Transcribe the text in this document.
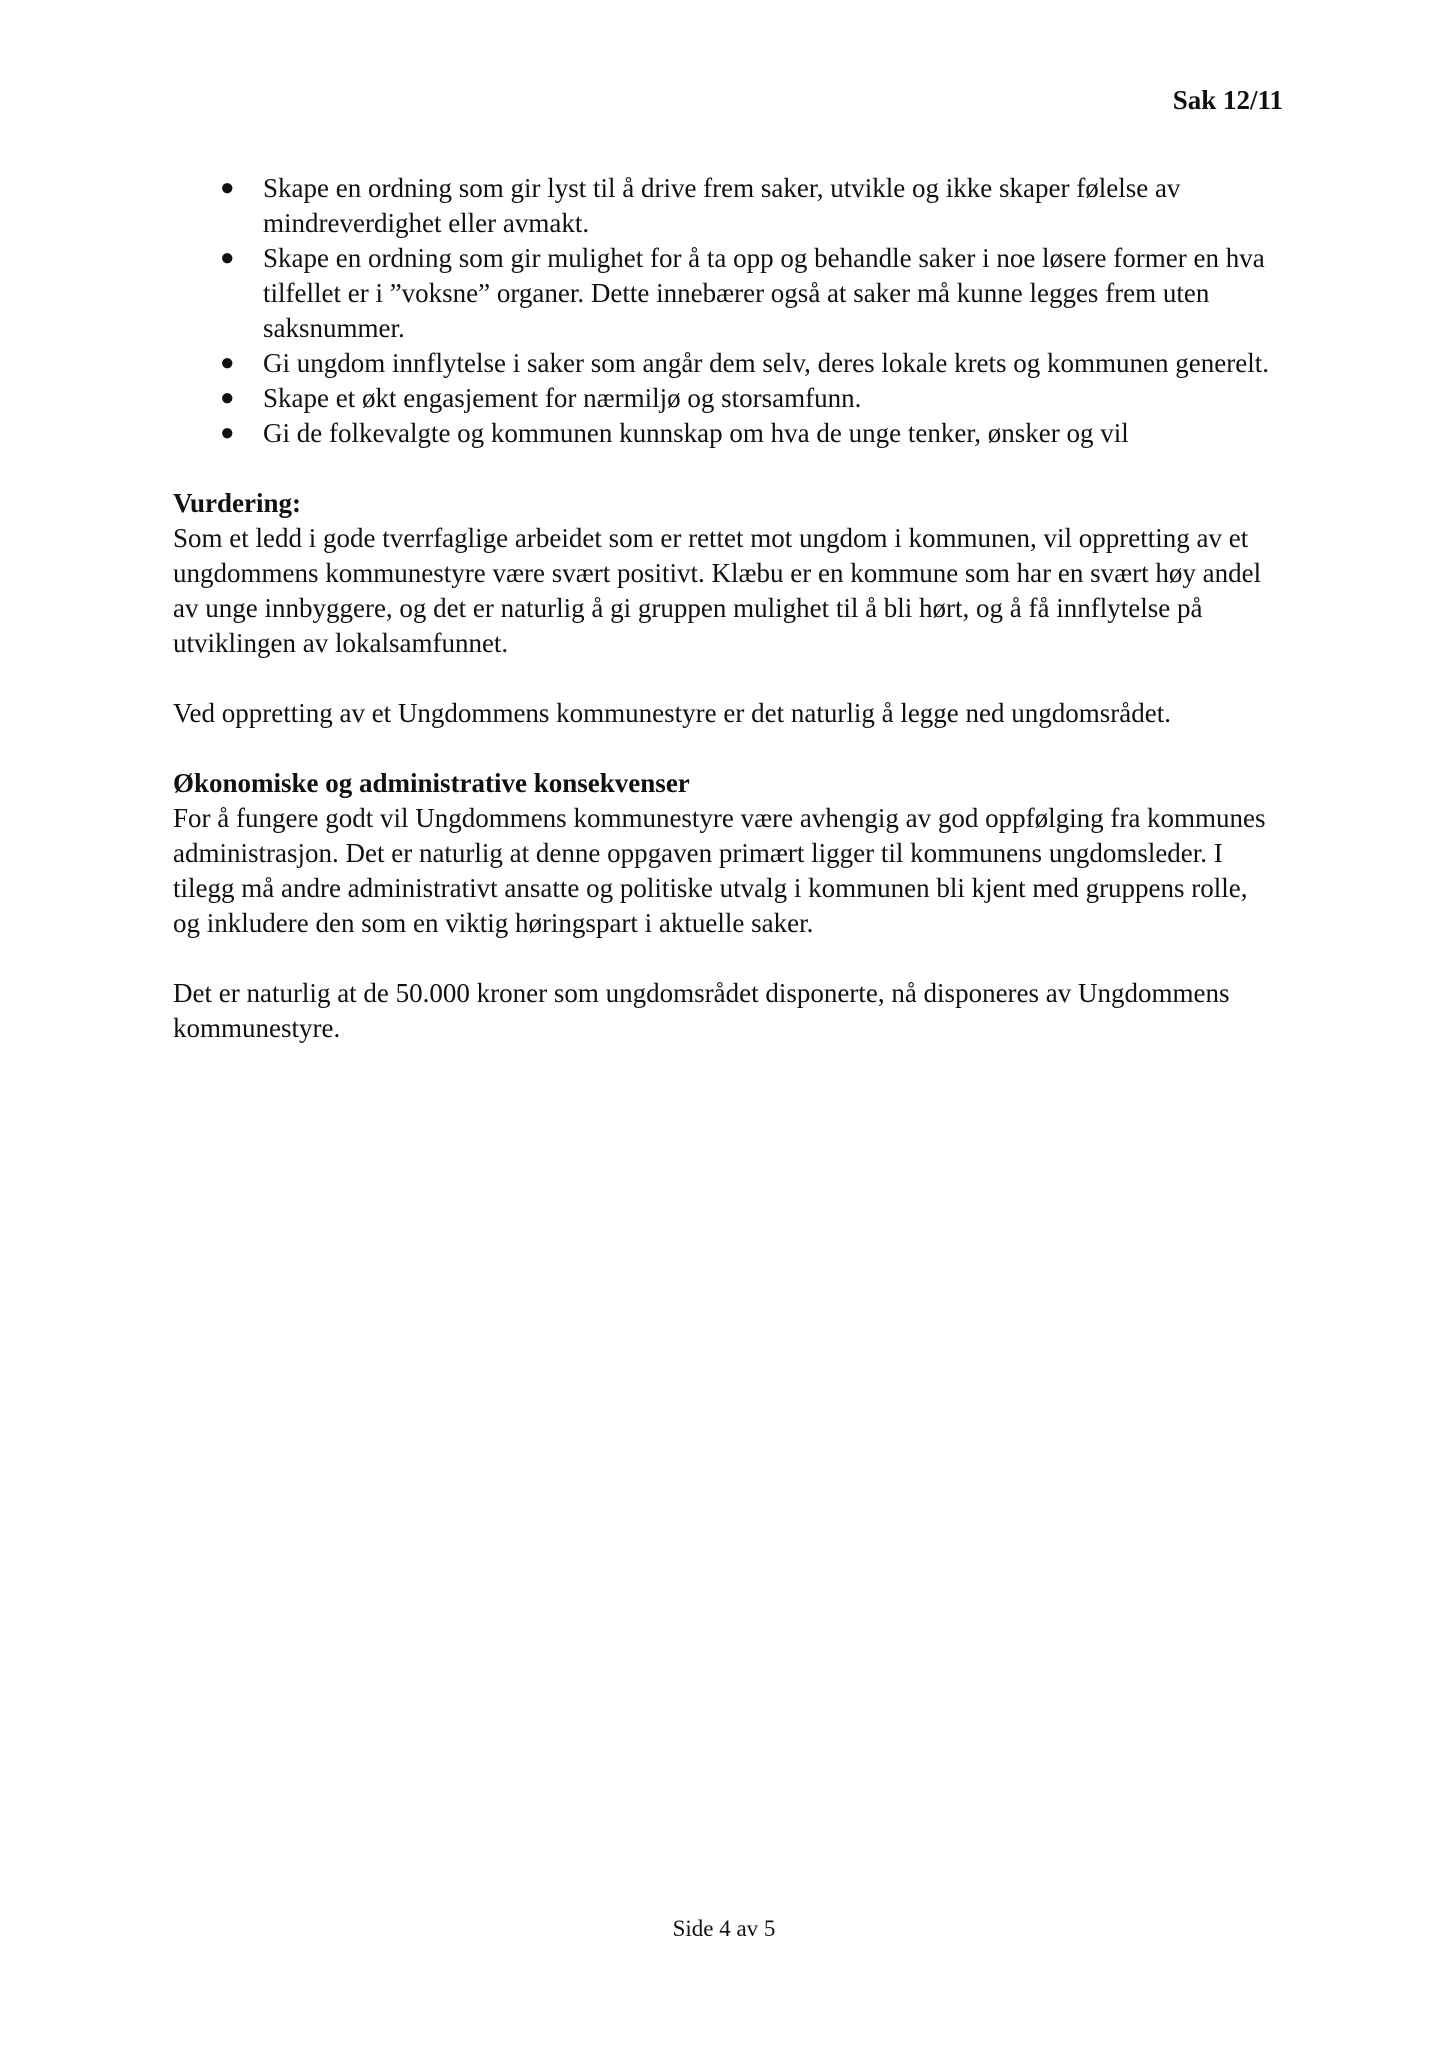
Sak 12/11
● Skape en ordning som gir lyst til å drive frem saker, utvikle og ikke skaper følelse av mindreverdighet eller avmakt.
● Skape en ordning som gir mulighet for å ta opp og behandle saker i noe løsere former en hva tilfellet er i ”voksne” organer. Dette innebærer også at saker må kunne legges frem uten saksnummer.
● Gi ungdom innflytelse i saker som angår dem selv, deres lokale krets og kommunen generelt.
● Skape et økt engasjement for nærmiljø og storsamfunn.
● Gi de folkevalgte og kommunen kunnskap om hva de unge tenker, ønsker og vil
Vurdering:

Som et ledd i gode tverrfaglige arbeidet som er rettet mot ungdom i kommunen, vil oppretting av et ungdommens kommunestyre være svært positivt. Klæbu er en kommune som har en svært høy andel av unge innbyggere, og det er naturlig å gi gruppen mulighet til å bli hørt, og å få innflytelse på utviklingen av lokalsamfunnet.

Ved oppretting av et Ungdommens kommunestyre er det naturlig å legge ned ungdomsrådet.

Økonomiske og administrative konsekvenser

For å fungere godt vil Ungdommens kommunestyre være avhengig av god oppfølging fra kommunes administrasjon. Det er naturlig at denne oppgaven primært ligger til kommunens ungdomsleder. I tilegg må andre administrativt ansatte og politiske utvalg i kommunen bli kjent med gruppens rolle, og inkludere den som en viktig høringspart i aktuelle saker.

Det er naturlig at de 50.000 kroner som ungdomsrådet disponerte, nå disponeres av Ungdommens kommunestyre.

Side 4 av 5
